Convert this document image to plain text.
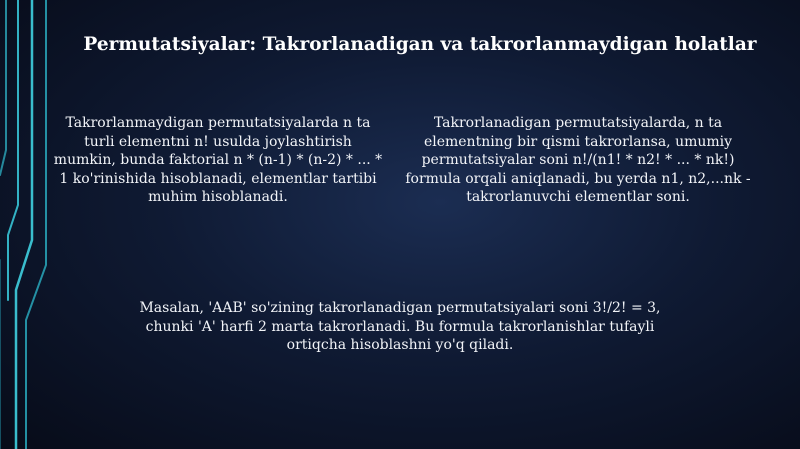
Permutatsiyalar: Takrorlanadigan va takrorlanmaydigan holatlar
Takrorlanmaydigan permutatsiyalarda n ta turli elementni n! usulda joylashtirish mumkin, bunda faktorial n * (n-1) * (n-2) * ... * 1 ko'rinishida hisoblanadi, elementlar tartibi muhim hisoblanadi.
Takrorlanadigan permutatsiyalarda, n ta elementning bir qismi takrorlansa, umumiy permutatsiyalar soni n!/(n1! * n2! * ... * nk!) formula orqali aniqlanadi, bu yerda n1, n2,...nk - takrorlanuvchi elementlar soni.
Masalan, 'AAB' so'zining takrorlanadigan permutatsiyalari soni 3!/2! = 3, chunki 'A' harfi 2 marta takrorlanadi. Bu formula takrorlanishlar tufayli ortiqcha hisoblashni yo'q qiladi.
